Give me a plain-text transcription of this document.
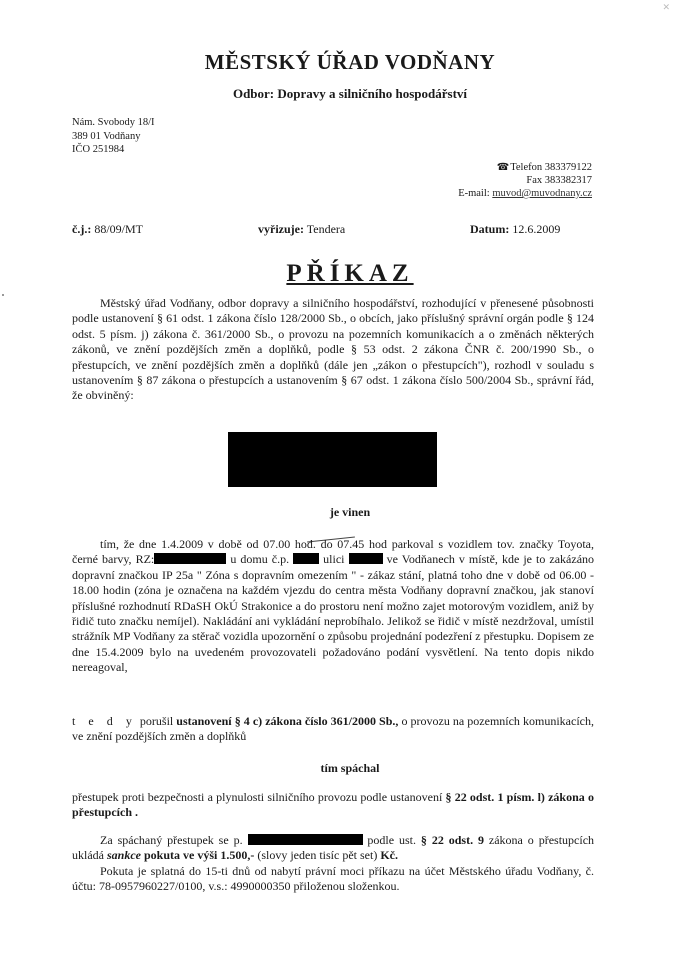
✕
MĚSTSKÝ ÚŘAD VODŇANY
Odbor: Dopravy a silničního hospodářství
Nám. Svobody 18/I
389 01 Vodňany
IČO 251984
☎Telefon 383379122
Fax 383382317
E-mail: muvod@muvodnany.cz
č.j.: 88/09/MT	vyřizuje: Tendera	Datum: 12.6.2009
PŘÍKAZ
Městský úřad Vodňany, odbor dopravy a silničního hospodářství, rozhodující v přenesené působnosti podle ustanovení § 61 odst. 1 zákona číslo 128/2000 Sb., o obcích, jako příslušný správní orgán podle § 124 odst. 5 písm. j) zákona č. 361/2000 Sb., o provozu na pozemních komunikacích a o změnách některých zákonů, ve znění pozdějších změn a doplňků, podle § 53 odst. 2 zákona ČNR č. 200/1990 Sb., o přestupcích, ve znění pozdějších změn a doplňků (dále jen „zákon o přestupcích"), rozhodl v souladu s ustanovením § 87 zákona o přestupcích a ustanovením § 67 odst. 1 zákona číslo 500/2004 Sb., správní řád, že obviněný:
je vinen
tím, že dne 1.4.2009 v době od 07.00 hod. do 07.45 hod parkoval s vozidlem tov. značky Toyota, černé barvy, RZ:	u domu č.p.	ulici	ve Vodňanech v místě, kde je to zakázáno dopravní značkou IP 25a " Zóna s dopravním omezením " - zákaz stání, platná toho dne v době od 06.00 - 18.00 hodin (zóna je označena na každém vjezdu do centra města Vodňany dopravní značkou, jak stanoví příslušné rozhodnutí RDaSH OkÚ Strakonice a do prostoru není možno zajet motorovým vozidlem, aniž by řidič tuto značku nemíjel). Nakládání ani vykládání neprobíhalo. Jelikož se řidič v místě nezdržoval, umístil strážník MP Vodňany za stěrač vozidla upozornění o způsobu projednání podezření z přestupku. Dopisem ze dne 15.4.2009 bylo na uvedeném provozovateli požadováno podání vysvětlení. Na tento dopis nikdo nereagoval,
t e d y porušil ustanovení § 4 c) zákona číslo 361/2000 Sb., o provozu na pozemních komunikacích, ve znění pozdějších změn a doplňků
tím spáchal
přestupek proti bezpečnosti a plynulosti silničního provozu podle ustanovení § 22 odst. 1 písm. l) zákona o přestupcích .
Za spáchaný přestupek se p.	podle ust. § 22 odst. 9 zákona o přestupcích ukládá sankce pokuta ve výši 1.500,- (slovy jeden tisíc pět set) Kč.
Pokuta je splatná do 15-ti dnů od nabytí právní moci příkazu na účet Městského úřadu Vodňany, č. účtu: 78-0957960227/0100, v.s.: 4990000350 přiloženou složenkou.
